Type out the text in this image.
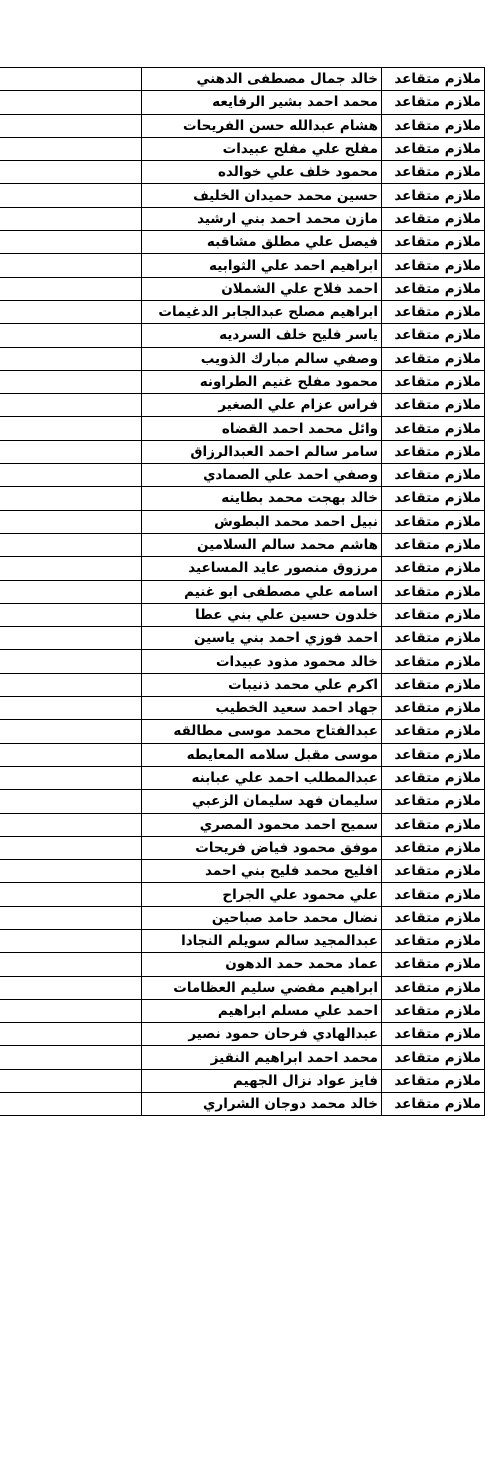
ملازم متقاعد	خالد جمال مصطفى الدهني	
ملازم متقاعد	محمد احمد بشير الرفايعه	
ملازم متقاعد	هشام عبدالله حسن الفريحات	
ملازم متقاعد	مفلح علي مفلح عبيدات	
ملازم متقاعد	محمود خلف علي خوالده	
ملازم متقاعد	حسين محمد حميدان الخليف	
ملازم متقاعد	مازن محمد احمد بني ارشيد	
ملازم متقاعد	فيصل علي مطلق مشاقبه	
ملازم متقاعد	ابراهيم احمد علي الثوابيه	
ملازم متقاعد	احمد فلاح علي الشملان	
ملازم متقاعد	ابراهيم مصلح عبدالجابر الدغيمات	
ملازم متقاعد	ياسر فليح خلف السرديه	
ملازم متقاعد	وصفي سالم مبارك الذويب	
ملازم متقاعد	محمود مفلح غنيم الطراونه	
ملازم متقاعد	فراس عزام علي الصغير	
ملازم متقاعد	وائل محمد احمد القضاه	
ملازم متقاعد	سامر سالم احمد العبدالرزاق	
ملازم متقاعد	وصفي احمد علي الصمادي	
ملازم متقاعد	خالد بهجت محمد بطاينه	
ملازم متقاعد	نبيل احمد محمد البطوش	
ملازم متقاعد	هاشم محمد سالم السلامين	
ملازم متقاعد	مرزوق منصور عايد المساعيد	
ملازم متقاعد	اسامه علي مصطفى ابو غنيم	
ملازم متقاعد	خلدون حسين علي بني عطا	
ملازم متقاعد	احمد فوزي احمد بني ياسين	
ملازم متقاعد	خالد محمود مذود عبيدات	
ملازم متقاعد	اكرم علي محمد ذنيبات	
ملازم متقاعد	جهاد احمد سعيد الخطيب	
ملازم متقاعد	عبدالفتاح محمد موسى مطالقه	
ملازم متقاعد	موسى مقبل سلامه المعايطه	
ملازم متقاعد	عبدالمطلب احمد علي عبابنه	
ملازم متقاعد	سليمان فهد سليمان الزعبي	
ملازم متقاعد	سميح احمد محمود المصري	
ملازم متقاعد	موفق محمود فياض فريحات	
ملازم متقاعد	افليح محمد فليح بني احمد	
ملازم متقاعد	علي محمود علي الجراح	
ملازم متقاعد	نضال محمد حامد صباحين	
ملازم متقاعد	عبدالمجيد سالم سويلم النجادا	
ملازم متقاعد	عماد محمد حمد الدهون	
ملازم متقاعد	ابراهيم مفضي سليم العظامات	
ملازم متقاعد	احمد علي مسلم ابراهيم	
ملازم متقاعد	عبدالهادي فرحان حمود نصير	
ملازم متقاعد	محمد احمد ابراهيم النقيز	
ملازم متقاعد	فايز عواد نزال الجهيم	
ملازم متقاعد	خالد محمد دوجان الشراري	
